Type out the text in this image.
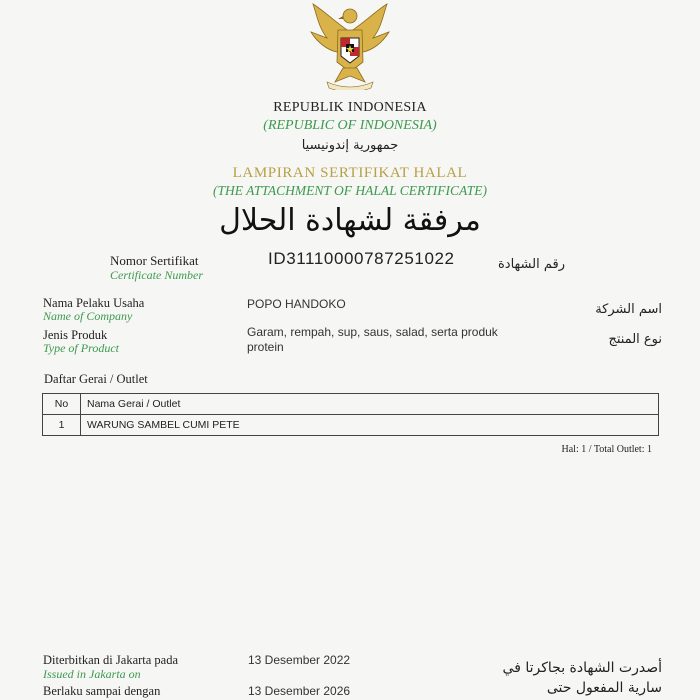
REPUBLIK INDONESIA
(REPUBLIC OF INDONESIA)
جمهورية إندونيسيا
LAMPIRAN SERTIFIKAT HALAL
(THE ATTACHMENT OF HALAL CERTIFICATE)
مرفقة لشهادة الحلال
Nomor Sertifikat
Certificate Number
ID31110000787251022	رقم الشهادة
Nama Pelaku Usaha
Name of Company
POPO HANDOKO	اسم الشركة
Jenis Produk
Type of Product
Garam, rempah, sup, saus, salad, serta produk
protein	نوع المنتج
Daftar Gerai / Outlet
No	Nama Gerai / Outlet
1	WARUNG SAMBEL CUMI PETE
Hal: 1 / Total Outlet: 1
Diterbitkan di Jakarta pada
Issued in Jakarta on
13 Desember 2022	أصدرت الشهادة بجاكرتا في
Berlaku sampai dengan	13 Desember 2026	سارية المفعول حتى
